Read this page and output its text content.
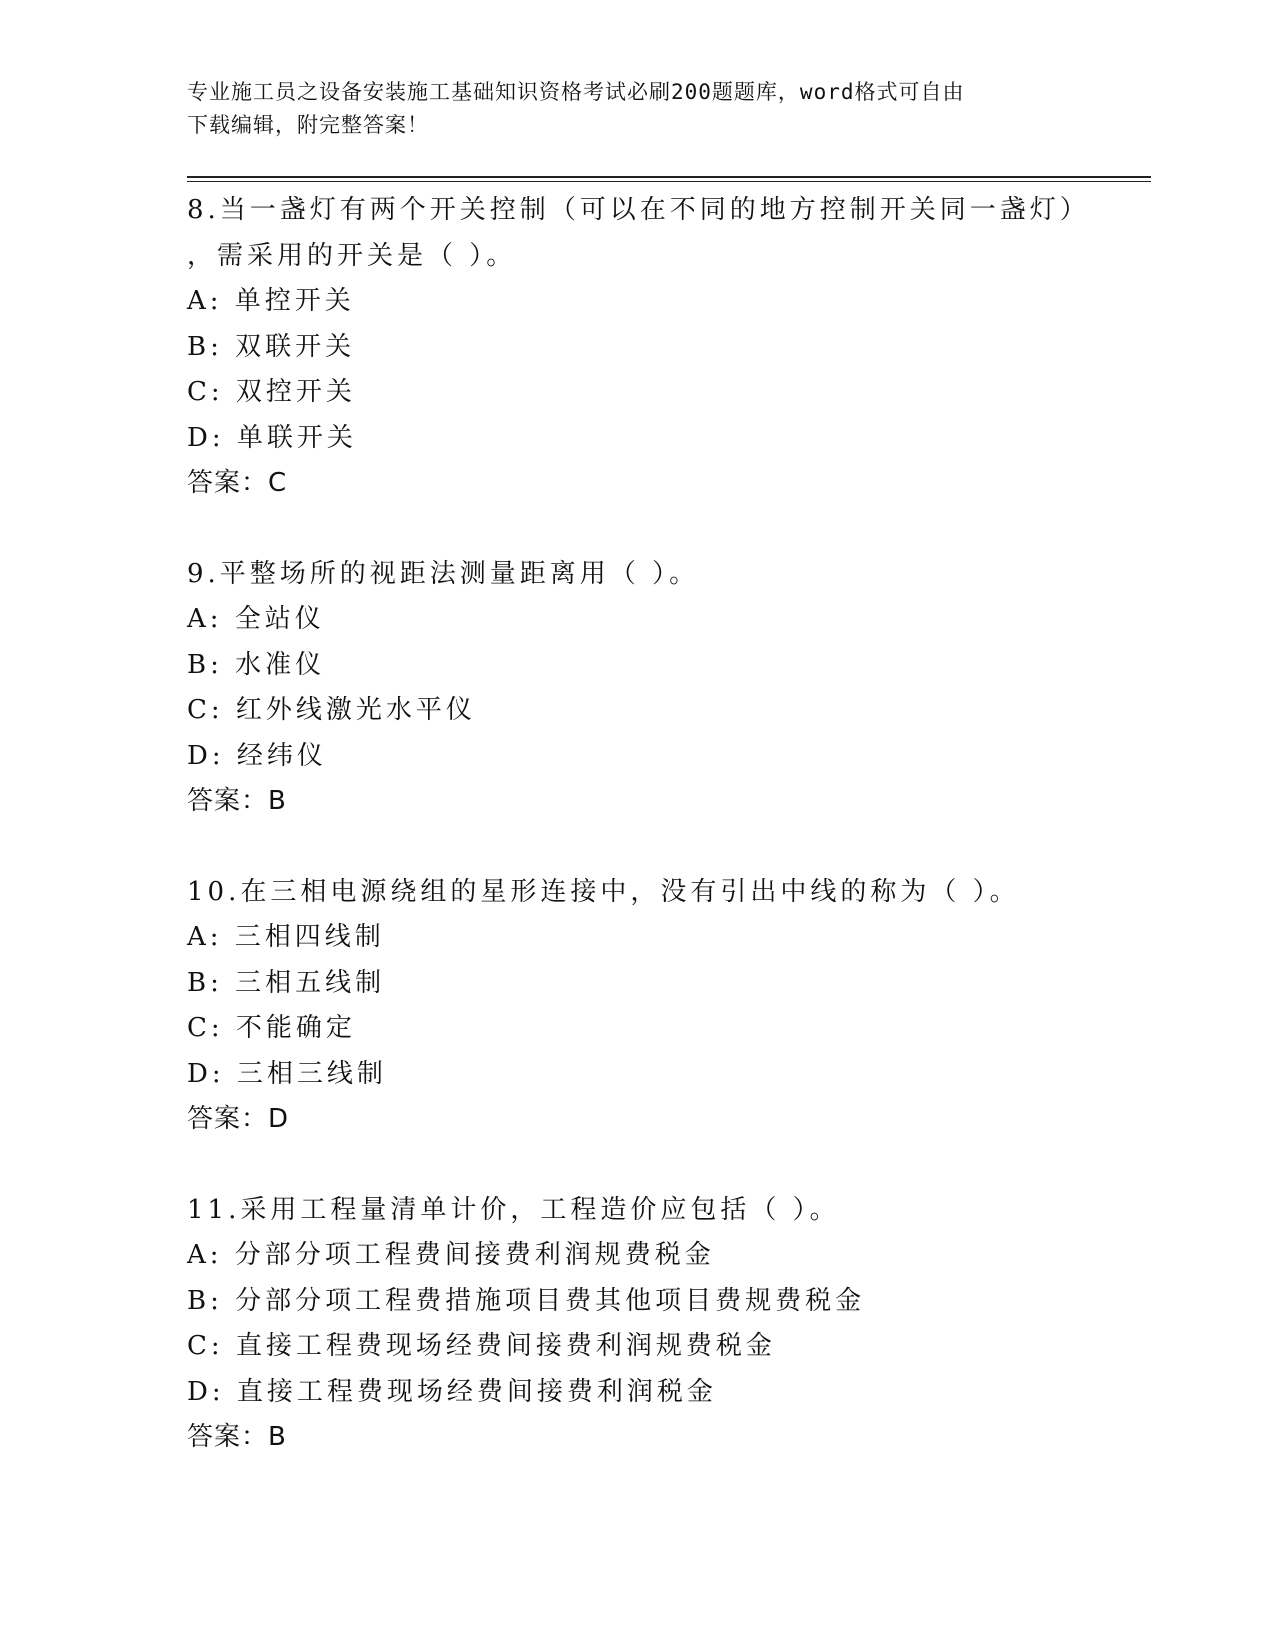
专业施工员之设备安装施工基础知识资格考试必刷200题题库，word格式可自由
下载编辑，附完整答案！
8.当一盏灯有两个开关控制（可以在不同的地方控制开关同一盏灯）
，需采用的开关是（ ）。
A: 单控开关
B: 双联开关
C: 双控开关
D: 单联开关
答案：C
9.平整场所的视距法测量距离用（ ）。
A: 全站仪
B: 水准仪
C: 红外线激光水平仪
D: 经纬仪
答案：B
10.在三相电源绕组的星形连接中，没有引出中线的称为（ ）。
A: 三相四线制
B: 三相五线制
C: 不能确定
D: 三相三线制
答案：D
11.采用工程量清单计价，工程造价应包括（ ）。
A: 分部分项工程费间接费利润规费税金
B: 分部分项工程费措施项目费其他项目费规费税金
C: 直接工程费现场经费间接费利润规费税金
D: 直接工程费现场经费间接费利润税金
答案：B
